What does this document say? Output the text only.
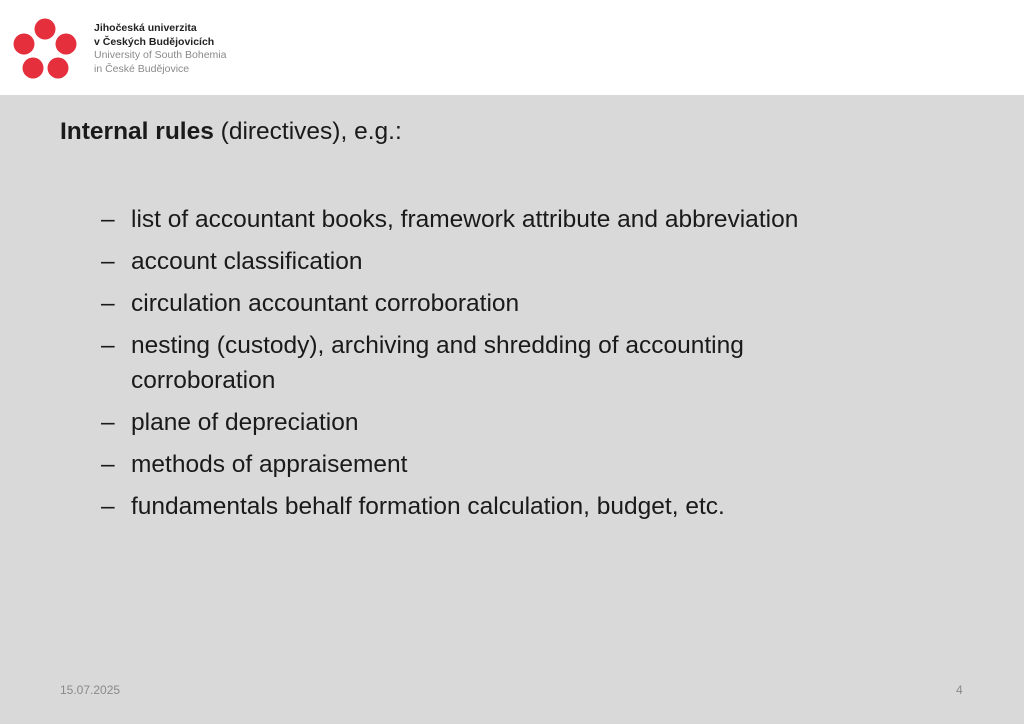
Jihočeská univerzita
v Českých Budějovicích
University of South Bohemia
in České Budějovice
Internal rules (directives), e.g.:
– list of accountant books, framework attribute and abbreviation
– account classification
– circulation accountant corroboration
– nesting (custody), archiving and shredding of accounting corroboration
– plane of depreciation
– methods of appraisement
– fundamentals behalf formation calculation, budget, etc.
15.07.2025	4
